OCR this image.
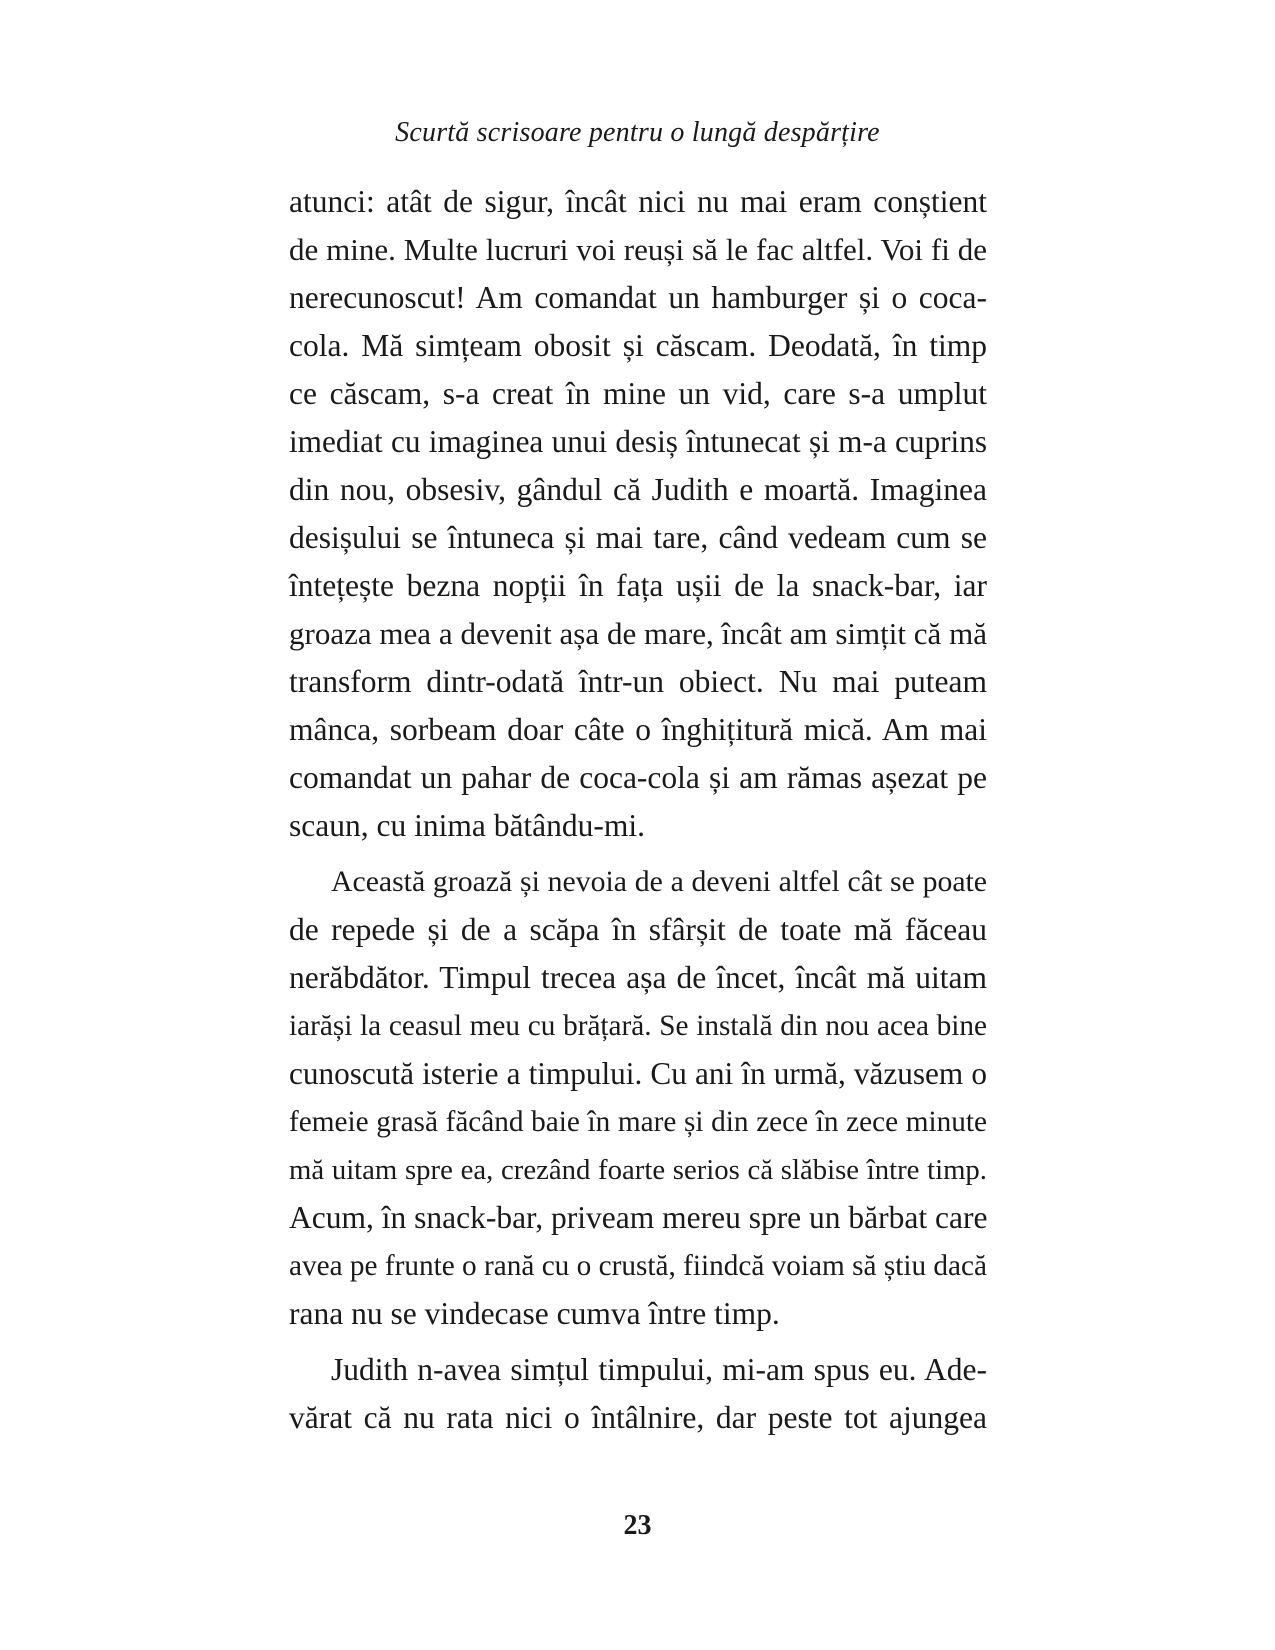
Scurtă scrisoare pentru o lungă despărțire
atunci: atât de sigur, încât nici nu mai eram conștient
de mine. Multe lucruri voi reuși să le fac altfel. Voi fi de
nerecunoscut! Am comandat un hamburger și o coca-
cola. Mă simțeam obosit și căscam. Deodată, în timp
ce căscam, s-a creat în mine un vid, care s-a umplut
imediat cu imaginea unui desiș întunecat și m-a cuprins
din nou, obsesiv, gândul că Judith e moartă. Imaginea
desișului se întuneca și mai tare, când vedeam cum se
întețește bezna nopții în fața ușii de la snack-bar, iar
groaza mea a devenit așa de mare, încât am simțit că mă
transform dintr-odată într-un obiect. Nu mai puteam
mânca, sorbeam doar câte o înghițitură mică. Am mai
comandat un pahar de coca-cola și am rămas așezat pe
scaun, cu inima bătându-mi.
Această groază și nevoia de a deveni altfel cât se poate
de repede și de a scăpa în sfârșit de toate mă făceau
nerăbdător. Timpul trecea așa de încet, încât mă uitam
iarăși la ceasul meu cu brățară. Se instală din nou acea bine
cunoscută isterie a timpului. Cu ani în urmă, văzusem o
femeie grasă făcând baie în mare și din zece în zece minute
mă uitam spre ea, crezând foarte serios că slăbise între timp.
Acum, în snack-bar, priveam mereu spre un bărbat care
avea pe frunte o rană cu o crustă, fiindcă voiam să știu dacă
rana nu se vindecase cumva între timp.
Judith n-avea simțul timpului, mi-am spus eu. Ade-
vărat că nu rata nici o întâlnire, dar peste tot ajungea
23
